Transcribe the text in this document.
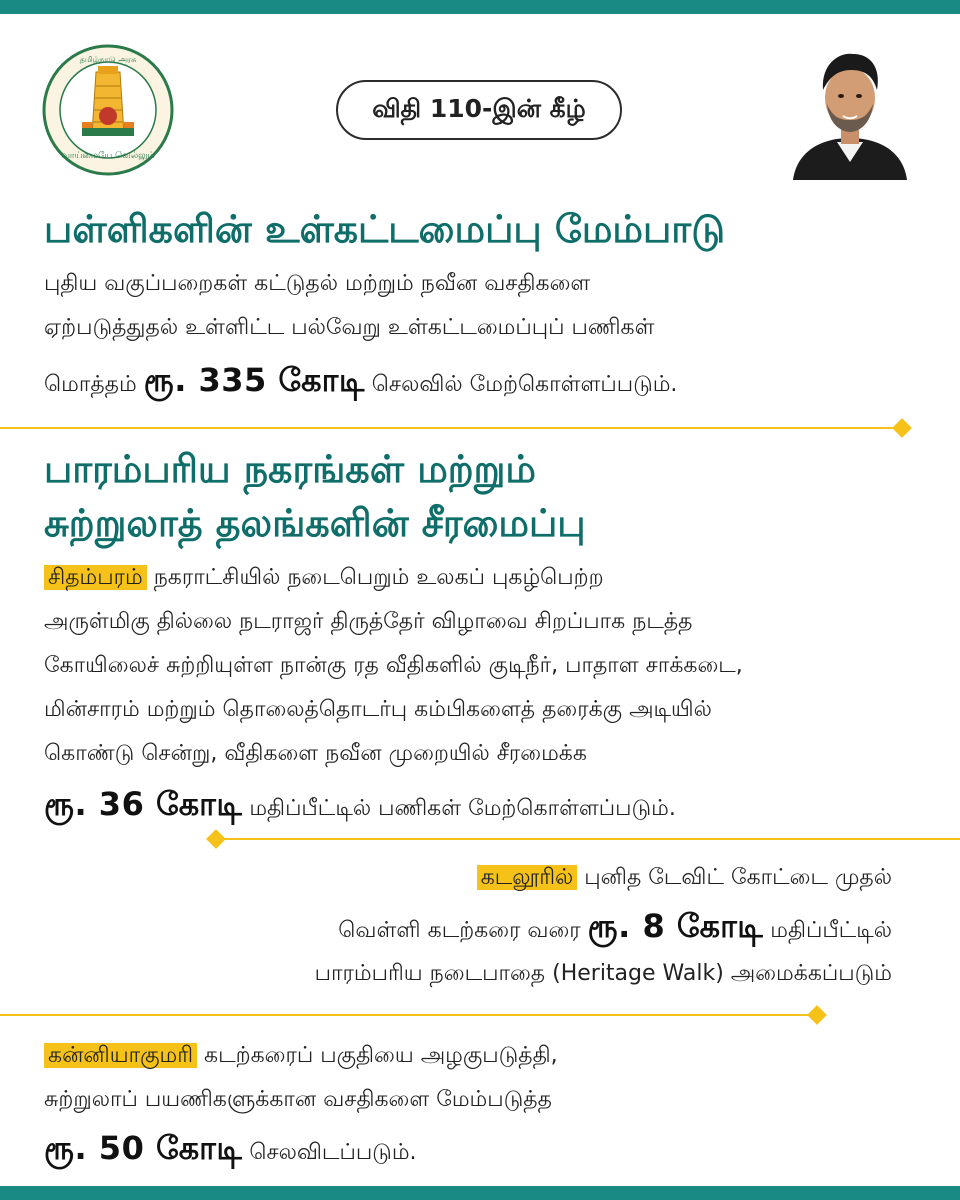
வாய்மையே வெல்லும்
தமிழ்நாடு அரசு
விதி 110-இன் கீழ்
பள்ளிகளின் உள்கட்டமைப்பு மேம்பாடு
புதிய வகுப்பறைகள் கட்டுதல் மற்றும் நவீன வசதிகளை
ஏற்படுத்துதல் உள்ளிட்ட பல்வேறு உள்கட்டமைப்புப் பணிகள்
மொத்தம் ரூ. 335 கோடி செலவில் மேற்கொள்ளப்படும்.
பாரம்பரிய நகரங்கள் மற்றும்
சுற்றுலாத் தலங்களின் சீரமைப்பு
சிதம்பரம் நகராட்சியில் நடைபெறும் உலகப் புகழ்பெற்ற
அருள்மிகு தில்லை நடராஜர் திருத்தேர் விழாவை சிறப்பாக நடத்த
கோயிலைச் சுற்றியுள்ள நான்கு ரத வீதிகளில் குடிநீர், பாதாள சாக்கடை,
மின்சாரம் மற்றும் தொலைத்தொடர்பு கம்பிகளைத் தரைக்கு அடியில்
கொண்டு சென்று, வீதிகளை நவீன முறையில் சீரமைக்க
ரூ. 36 கோடி மதிப்பீட்டில் பணிகள் மேற்கொள்ளப்படும்.
கடலூரில் புனித டேவிட் கோட்டை முதல்
வெள்ளி கடற்கரை வரை ரூ. 8 கோடி மதிப்பீட்டில்
பாரம்பரிய நடைபாதை (Heritage Walk) அமைக்கப்படும்
கன்னியாகுமரி கடற்கரைப் பகுதியை அழகுபடுத்தி,
சுற்றுலாப் பயணிகளுக்கான வசதிகளை மேம்படுத்த
ரூ. 50 கோடி செலவிடப்படும்.
